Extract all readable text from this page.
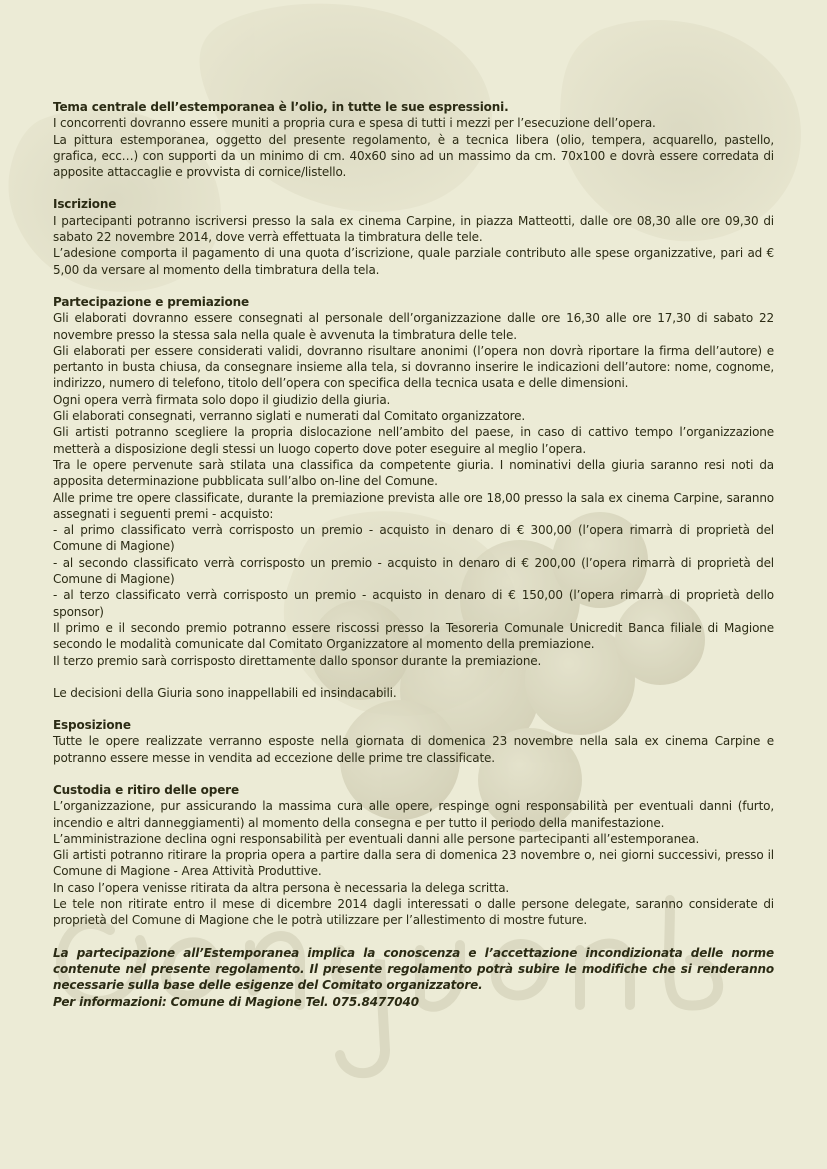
Tema centrale dell’estemporanea è l’olio, in tutte le sue espressioni.
I concorrenti dovranno essere muniti a propria cura e spesa di tutti i mezzi per l’esecuzione dell’opera.
La pittura estemporanea, oggetto del presente regolamento, è a tecnica libera (olio, tempera, acquarello, pastello, grafica, ecc…) con supporti da un minimo di cm. 40x60 sino ad un massimo da cm. 70x100 e dovrà essere corredata di apposite attaccaglie e provvista di cornice/listello.
Iscrizione
I partecipanti potranno iscriversi presso la sala ex cinema Carpine, in piazza Matteotti, dalle ore 08,30 alle ore 09,30 di sabato 22 novembre 2014, dove verrà effettuata la timbratura delle tele.
L’adesione comporta il pagamento di una quota d’iscrizione, quale parziale contributo alle spese organizzative, pari ad € 5,00 da versare al momento della timbratura della tela.
Partecipazione e premiazione
Gli elaborati dovranno essere consegnati al personale dell’organizzazione dalle ore 16,30 alle ore 17,30 di sabato 22 novembre presso la stessa sala nella quale è avvenuta la timbratura delle tele.
Gli elaborati per essere considerati validi, dovranno risultare anonimi (l’opera non dovrà riportare la firma dell’autore) e pertanto in busta chiusa, da consegnare insieme alla tela, si dovranno inserire le indicazioni dell’autore: nome, cognome, indirizzo, numero di telefono, titolo dell’opera con specifica della tecnica usata e delle dimensioni.
Ogni opera verrà firmata solo dopo il giudizio della giuria.
Gli elaborati consegnati, verranno siglati e numerati dal Comitato organizzatore.
Gli artisti potranno scegliere la propria dislocazione nell’ambito del paese, in caso di cattivo tempo l’organizzazione metterà a disposizione degli stessi un luogo coperto dove poter eseguire al meglio l’opera.
Tra le opere pervenute sarà stilata una classifica da competente giuria. I nominativi della giuria saranno resi noti da apposita determinazione pubblicata sull’albo on-line del Comune.
Alle prime tre opere classificate, durante la premiazione prevista alle ore 18,00 presso la sala ex cinema Carpine, saranno assegnati i seguenti premi - acquisto:
- al primo classificato verrà corrisposto un premio - acquisto in denaro di € 300,00 (l’opera rimarrà di proprietà del Comune di Magione)
- al secondo classificato verrà corrisposto un premio - acquisto in denaro di € 200,00 (l’opera rimarrà di proprietà del Comune di Magione)
- al terzo classificato verrà corrisposto un premio - acquisto in denaro di € 150,00 (l’opera rimarrà di proprietà dello sponsor)
Il primo e il secondo premio potranno essere riscossi presso la Tesoreria Comunale Unicredit Banca filiale di Magione secondo le modalità comunicate dal Comitato Organizzatore al momento della premiazione.
Il terzo premio sarà corrisposto direttamente dallo sponsor durante la premiazione.
Le decisioni della Giuria sono inappellabili ed insindacabili.
Esposizione
Tutte le opere realizzate verranno esposte nella giornata di domenica 23 novembre nella sala ex cinema Carpine e potranno essere messe in vendita ad eccezione delle prime tre classificate.
Custodia e ritiro delle opere
L’organizzazione, pur assicurando la massima cura alle opere, respinge ogni responsabilità per eventuali danni (furto, incendio e altri danneggiamenti) al momento della consegna e per tutto il periodo della manifestazione.
L’amministrazione declina ogni responsabilità per eventuali danni alle persone partecipanti all’estemporanea.
Gli artisti potranno ritirare la propria opera a partire dalla sera di domenica 23 novembre o, nei giorni successivi, presso il Comune di Magione - Area Attività Produttive.
In caso l’opera venisse ritirata da altra persona è necessaria la delega scritta.
Le tele non ritirate entro il mese di dicembre 2014 dagli interessati o dalle persone delegate, saranno considerate di proprietà del Comune di Magione che le potrà utilizzare per l’allestimento di mostre future.
La partecipazione all’Estemporanea implica la conoscenza e l’accettazione incondizionata delle norme contenute nel presente regolamento. Il presente regolamento potrà subire le modifiche che si renderanno necessarie sulla base delle esigenze del Comitato organizzatore.
Per informazioni: Comune di Magione Tel. 075.8477040
